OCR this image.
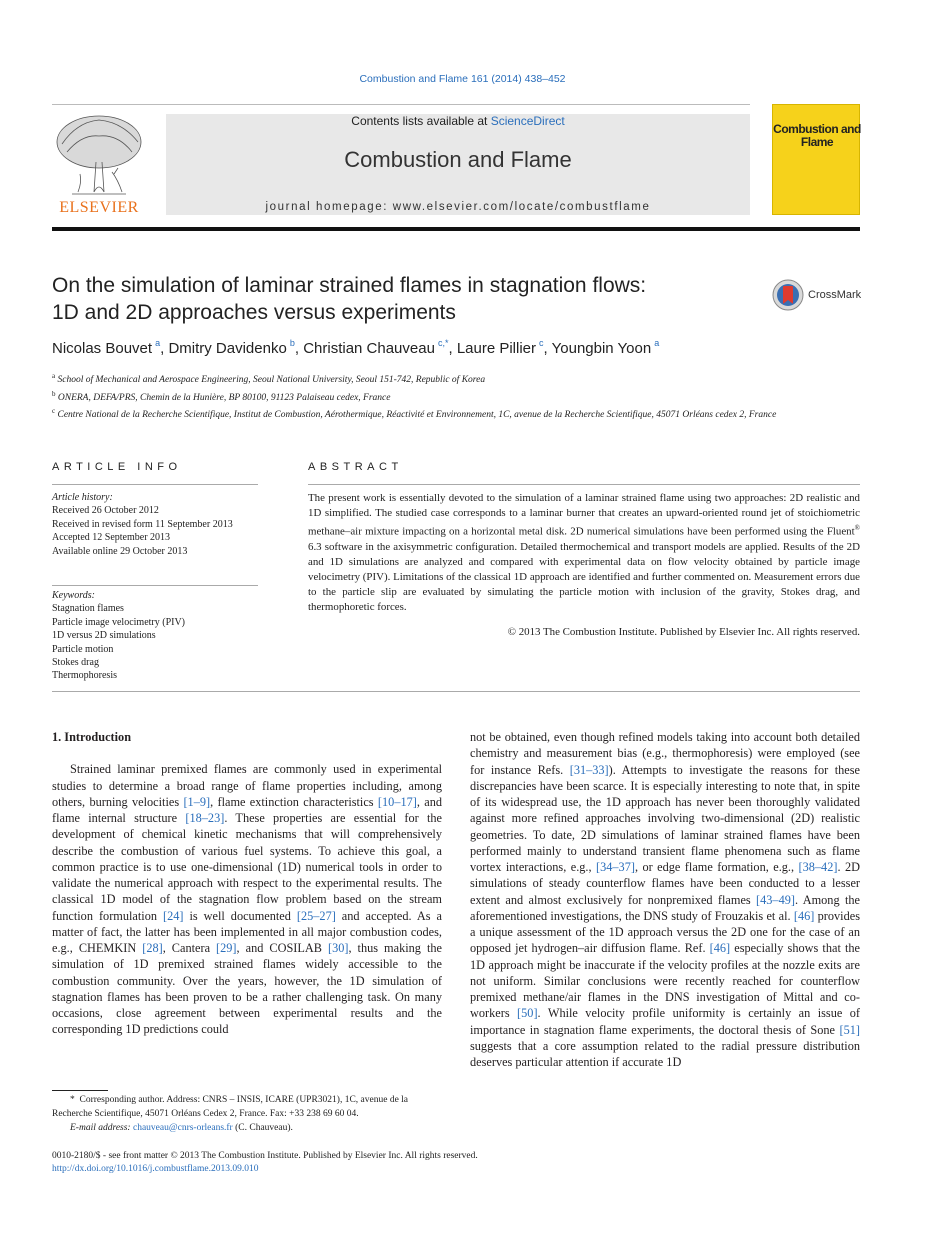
Combustion and Flame 161 (2014) 438–452
ELSEVIER
Contents lists available at ScienceDirect
Combustion and Flame
journal homepage: www.elsevier.com/locate/combustflame
Combustion and Flame
On the simulation of laminar strained flames in stagnation flows:
1D and 2D approaches versus experiments
CrossMark
Nicolas Bouvet  $^a$, Dmitry Davidenko  $^b$, Christian Chauveau  $^{c,*}$, Laure Pillier  $^c$, Youngbin Yoon  $^a$
$^a$ School of Mechanical and Aerospace Engineering, Seoul National University, Seoul 151-742, Republic of Korea
$^b$ ONERA, DEFA/PRS, Chemin de la Hunière, BP 80100, 91123 Palaiseau cedex, France
$^c$ Centre National de la Recherche Scientifique, Institut de Combustion, Aérothermique, Réactivité et Environnement, 1C, avenue de la Recherche Scientifique, 45071 Orléans cedex 2, France
ARTICLE INFO	ABSTRACT
Article history:
Received 26 October 2012
Received in revised form 11 September 2013
Accepted 12 September 2013
Available online 29 October 2013
Keywords:
Stagnation flames
Particle image velocimetry (PIV)
1D versus 2D simulations
Particle motion
Stokes drag
Thermophoresis
The present work is essentially devoted to the simulation of a laminar strained flame using two approaches: 2D realistic and 1D simplified. The studied case corresponds to a laminar burner that creates an upward-oriented round jet of stoichiometric methane–air mixture impacting on a horizontal metal disk. 2D numerical simulations have been performed using the Fluent® 6.3 software in the axisymmetric configuration. Detailed thermochemical and transport models are applied. Results of the 2D and 1D simulations are analyzed and compared with experimental data on flow velocity obtained by particle image velocimetry (PIV). Limitations of the classical 1D approach are identified and further commented on. Measurement errors due to the particle slip are evaluated by simulating the particle motion with inclusion of the gravity, Stokes drag, and thermophoretic forces.
© 2013 The Combustion Institute. Published by Elsevier Inc. All rights reserved.
1. Introduction

Strained laminar premixed flames are commonly used in experimental studies to determine a broad range of flame properties including, among others, burning velocities [1–9], flame extinction characteristics [10–17], and flame internal structure [18–23]. These properties are essential for the development of chemical kinetic mechanisms that will comprehensively describe the combustion of various fuel systems. To achieve this goal, a common practice is to use one-dimensional (1D) numerical tools in order to validate the numerical approach with respect to the experimental results. The classical 1D model of the stagnation flow problem based on the stream function formulation [24] is well documented [25–27] and accepted. As a matter of fact, the latter has been implemented in all major combustion codes, e.g., CHEMKIN [28], Cantera [29], and COSILAB [30], thus making the simulation of 1D premixed strained flames widely accessible to the combustion community. Over the years, however, the 1D simulation of stagnation flames has been proven to be a rather challenging task. On many occasions, close agreement between experimental results and the corresponding 1D predictions could

not be obtained, even though refined models taking into account both detailed chemistry and measurement bias (e.g., thermophoresis) were employed (see for instance Refs. [31–33]). Attempts to investigate the reasons for these discrepancies have been scarce. It is especially interesting to note that, in spite of its widespread use, the 1D approach has never been thoroughly validated against more refined approaches involving two-dimensional (2D) realistic geometries. To date, 2D simulations of laminar strained flames have been performed mainly to understand transient flame phenomena such as flame vortex interactions, e.g., [34–37], or edge flame formation, e.g., [38–42]. 2D simulations of steady counterflow flames have been conducted to a lesser extent and almost exclusively for nonpremixed flames [43–49]. Among the aforementioned investigations, the DNS study of Frouzakis et al. [46] provides a unique assessment of the 1D approach versus the 2D one for the case of an opposed jet hydrogen–air diffusion flame. Ref. [46] especially shows that the 1D approach might be inaccurate if the velocity profiles at the nozzle exits are not uniform. Similar conclusions were recently reached for counterflow premixed methane/air flames in the DNS investigation of Mittal and co-workers [50]. While velocity profile uniformity is certainly an issue of importance in stagnation flame experiments, the doctoral thesis of Sone [51] suggests that a core assumption related to the radial pressure distribution deserves particular attention if accurate 1D

* Corresponding author. Address: CNRS – INSIS, ICARE (UPR3021), 1C, avenue de la Recherche Scientifique, 45071 Orléans Cedex 2, France. Fax: +33 238 69 60 04.
E-mail address: chauveau@cnrs-orleans.fr (C. Chauveau).
0010-2180/$ - see front matter © 2013 The Combustion Institute. Published by Elsevier Inc. All rights reserved.
http://dx.doi.org/10.1016/j.combustflame.2013.09.010
